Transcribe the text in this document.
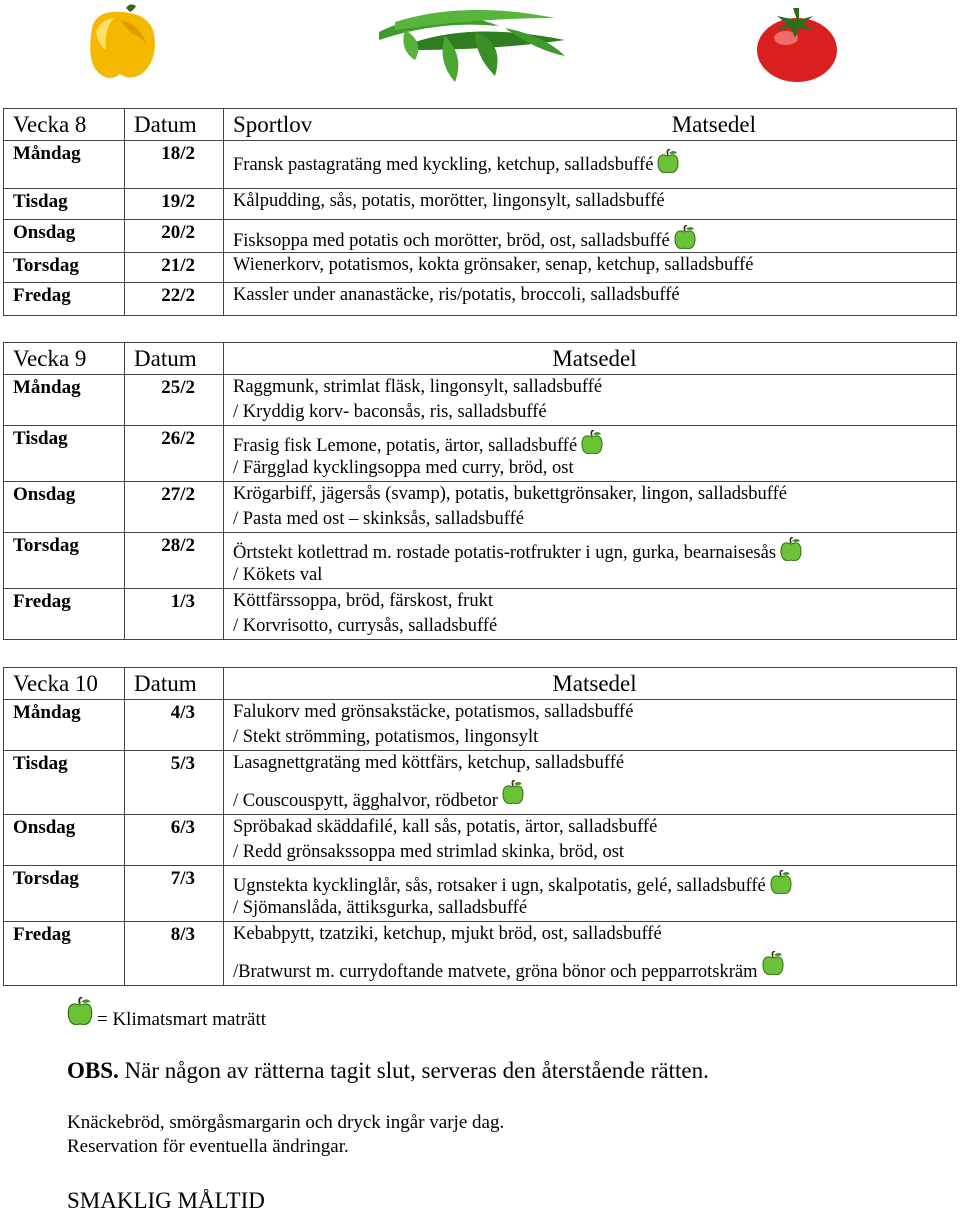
Vecka 8	Datum	Sportlov Matsedel

Måndag	18/2	Fransk pastagratäng med kyckling, ketchup, salladsbuffé

Tisdag	19/2	Kålpudding, sås, potatis, morötter, lingonsylt, salladsbuffé
Onsdag	20/2	Fisksoppa med potatis och morötter, bröd, ost, salladsbuffé

Torsdag	21/2	Wienerkorv, potatismos, kokta grönsaker, senap, ketchup, salladsbuffé
Fredag	22/2	Kassler under ananastäcke, ris/potatis, broccoli, salladsbuffé
Vecka 9	Datum	Matsedel
Måndag	25/2	Raggmunk, strimlat fläsk, lingonsylt, salladsbuffé
/ Kryddig korv- baconsås, ris, salladsbuffé

Tisdag	26/2	Frasig fisk Lemone, potatis, ärtor, salladsbuffé
/ Färgglad kycklingsoppa med curry, bröd, ost

Onsdag	27/2	Krögarbiff, jägersås (svamp), potatis, bukettgrönsaker, lingon, salladsbuffé
/ Pasta med ost – skinksås, salladsbuffé

Torsdag	28/2	Örtstekt kotlettrad m. rostade potatis-rotfrukter i ugn, gurka, bearnaisesås
/ Kökets val

Fredag	1/3	Köttfärssoppa, bröd, färskost, frukt
/ Korvrisotto, currysås, salladsbuffé
Vecka 10	Datum	Matsedel
Måndag	4/3	Falukorv med grönsakstäcke, potatismos, salladsbuffé
/ Stekt strömming, potatismos, lingonsylt

Tisdag	5/3	Lasagnettgratäng med köttfärs, ketchup, salladsbuffé
/ Couscouspytt, ägghalvor, rödbetor

Onsdag	6/3	Spröbakad skäddafilé, kall sås, potatis, ärtor, salladsbuffé
/ Redd grönsakssoppa med strimlad skinka, bröd, ost

Torsdag	7/3	Ugnstekta kycklinglår, sås, rotsaker i ugn, skalpotatis, gelé, salladsbuffé
/ Sjömanslåda, ättiksgurka, salladsbuffé

Fredag	8/3	Kebabpytt, tzatziki, ketchup, mjukt bröd, ost, salladsbuffé
/Bratwurst m. currydoftande matvete, gröna bönor och pepparrotskräm
= Klimatsmart maträtt
OBS. När någon av rätterna tagit slut, serveras den återstående rätten.
Knäckebröd, smörgåsmargarin och dryck ingår varje dag.
Reservation för eventuella ändringar.
SMAKLIG MÅLTID
